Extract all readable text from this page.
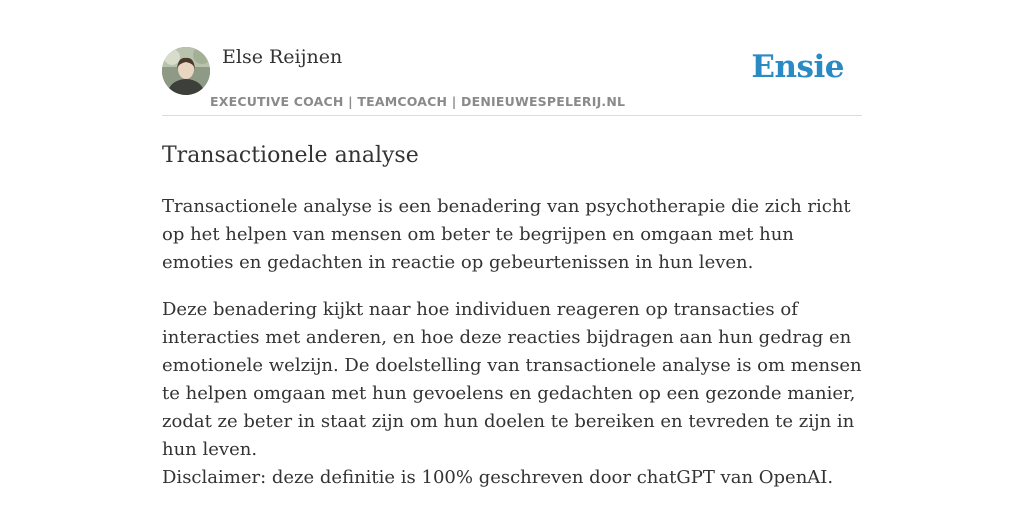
Else Reijnen
EXECUTIVE COACH | TEAMCOACH | DENIEUWESPELERIJ.NL
Ensie
Transactionele analyse

Transactionele analyse is een benadering van psychotherapie die zich richt op het helpen van mensen om beter te begrijpen en omgaan met hun emoties en gedachten in reactie op gebeurtenissen in hun leven.

Deze benadering kijkt naar hoe individuen reageren op transacties of interacties met anderen, en hoe deze reacties bijdragen aan hun gedrag en emotionele welzijn. De doelstelling van transactionele analyse is om mensen te helpen omgaan met hun gevoelens en gedachten op een gezonde manier, zodat ze beter in staat zijn om hun doelen te bereiken en tevreden te zijn in hun leven.
Disclaimer: deze definitie is 100% geschreven door chatGPT van OpenAI.
